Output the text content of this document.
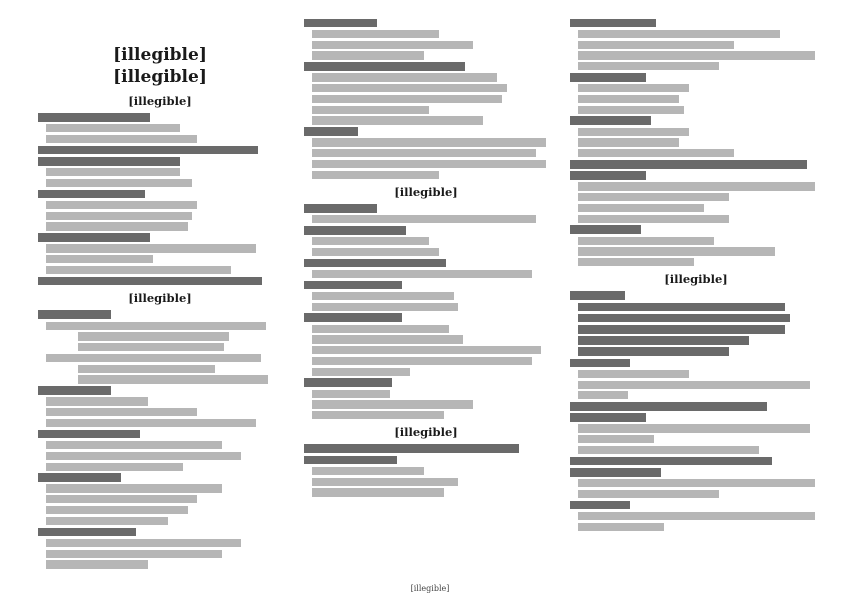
[illegible]

[illegible]

[illegible]
[illegible]
[illegible]
[illegible]
[illegible]
[illegible]
